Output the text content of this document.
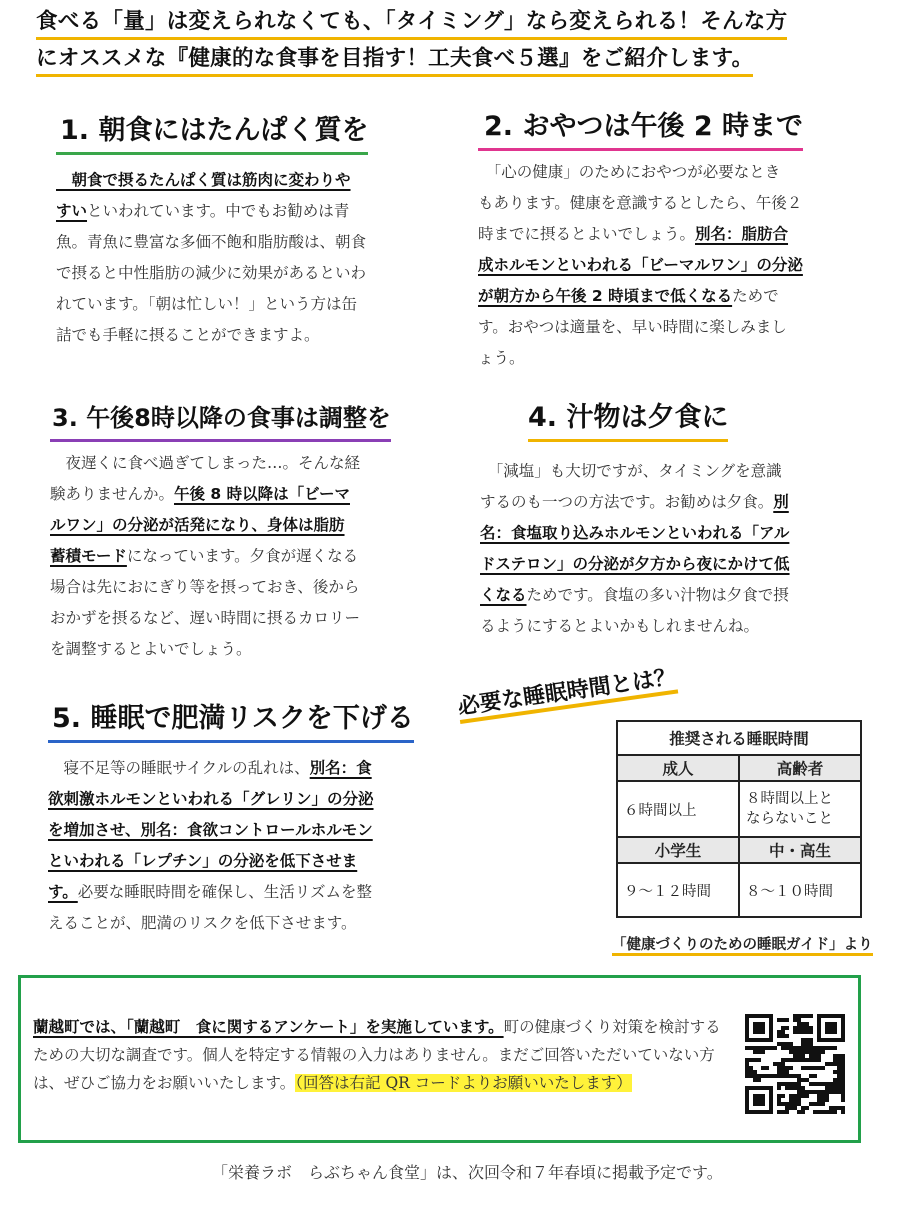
食べる「量」は変えられなくても、「タイミング」なら変えられる！そんな方
にオススメな『健康的な食事を目指す！工夫食べ５選』をご紹介します。
1. 朝食にはたんぱく質を
　朝食で摂るたんぱく質は筋肉に変わりや
すいといわれています。中でもお勧めは青
魚。青魚に豊富な多価不飽和脂肪酸は、朝食
で摂ると中性脂肪の減少に効果があるといわ
れています。「朝は忙しい！」という方は缶
詰でも手軽に摂ることができますよ。
2. おやつは午後 2 時まで
　「心の健康」のためにおやつが必要なとき
もあります。健康を意識するとしたら、午後２
時までに摂るとよいでしょう。別名：脂肪合
成ホルモンといわれる「ビーマルワン」の分泌
が朝方から午後 2 時頃まで低くなるためで
す。おやつは適量を、早い時間に楽しみまし
ょう。
3. 午後8時以降の食事は調整を
　夜遅くに食べ過ぎてしまった…。そんな経
験ありませんか。午後 8 時以降は「ビーマ
ルワン」の分泌が活発になり、身体は脂肪
蓄積モードになっています。夕食が遅くなる
場合は先におにぎり等を摂っておき、後から
おかずを摂るなど、遅い時間に摂るカロリー
を調整するとよいでしょう。
4. 汁物は夕食に
　「減塩」も大切ですが、タイミングを意識
するのも一つの方法です。お勧めは夕食。別
名：食塩取り込みホルモンといわれる「アル
ドステロン」の分泌が夕方から夜にかけて低
くなるためです。食塩の多い汁物は夕食で摂
るようにするとよいかもしれませんね。
5. 睡眠で肥満リスクを下げる
　寝不足等の睡眠サイクルの乱れは、別名：食
欲刺激ホルモンといわれる「グレリン」の分泌
を増加させ、別名：食欲コントロールホルモン
といわれる「レプチン」の分泌を低下させま
す。必要な睡眠時間を確保し、生活リズムを整
えることが、肥満のリスクを低下させます。
必要な睡眠時間とは？
推奨される睡眠時間	
成人	高齢者
６時間以上	８時間以上と
ならないこと
小学生	中・高生
９〜１２時間	８〜１０時間
「健康づくりのための睡眠ガイド」より
蘭越町では、「蘭越町　食に関するアンケート」を実施しています。町の健康づくり対策を検討するための大切な調査です。個人を特定する情報の入力はありません。まだご回答いただいていない方は、ぜひご協力をお願いいたします。（回答は右記 QR コードよりお願いいたします）
「栄養ラボ　らぶちゃん食堂」は、次回令和７年春頃に掲載予定です。
